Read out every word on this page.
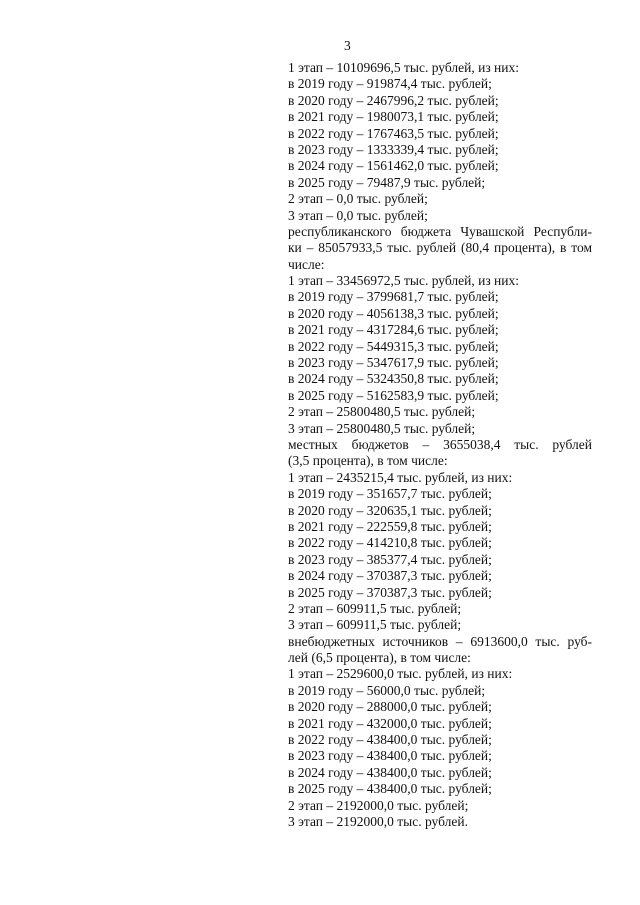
3
1 этап – 10109696,5 тыс. рублей, из них:
в 2019 году – 919874,4 тыс. рублей;
в 2020 году – 2467996,2 тыс. рублей;
в 2021 году – 1980073,1 тыс. рублей;
в 2022 году – 1767463,5 тыс. рублей;
в 2023 году – 1333339,4 тыс. рублей;
в 2024 году – 1561462,0 тыс. рублей;
в 2025 году – 79487,9 тыс. рублей;
2 этап – 0,0 тыс. рублей;
3 этап – 0,0 тыс. рублей;
республиканского бюджета Чувашской Республи-
ки – 85057933,5 тыс. рублей (80,4 процента), в том
числе:
1 этап – 33456972,5 тыс. рублей, из них:
в 2019 году – 3799681,7 тыс. рублей;
в 2020 году – 4056138,3 тыс. рублей;
в 2021 году – 4317284,6 тыс. рублей;
в 2022 году – 5449315,3 тыс. рублей;
в 2023 году – 5347617,9 тыс. рублей;
в 2024 году – 5324350,8 тыс. рублей;
в 2025 году – 5162583,9 тыс. рублей;
2 этап – 25800480,5 тыс. рублей;
3 этап – 25800480,5 тыс. рублей;
местных бюджетов – 3655038,4 тыс. рублей
(3,5 процента), в том числе:
1 этап – 2435215,4 тыс. рублей, из них:
в 2019 году – 351657,7 тыс. рублей;
в 2020 году – 320635,1 тыс. рублей;
в 2021 году – 222559,8 тыс. рублей;
в 2022 году – 414210,8 тыс. рублей;
в 2023 году – 385377,4 тыс. рублей;
в 2024 году – 370387,3 тыс. рублей;
в 2025 году – 370387,3 тыс. рублей;
2 этап – 609911,5 тыс. рублей;
3 этап – 609911,5 тыс. рублей;
внебюджетных источников – 6913600,0 тыс. руб-
лей (6,5 процента), в том числе:
1 этап – 2529600,0 тыс. рублей, из них:
в 2019 году – 56000,0 тыс. рублей;
в 2020 году – 288000,0 тыс. рублей;
в 2021 году – 432000,0 тыс. рублей;
в 2022 году – 438400,0 тыс. рублей;
в 2023 году – 438400,0 тыс. рублей;
в 2024 году – 438400,0 тыс. рублей;
в 2025 году – 438400,0 тыс. рублей;
2 этап – 2192000,0 тыс. рублей;
3 этап – 2192000,0 тыс. рублей.
